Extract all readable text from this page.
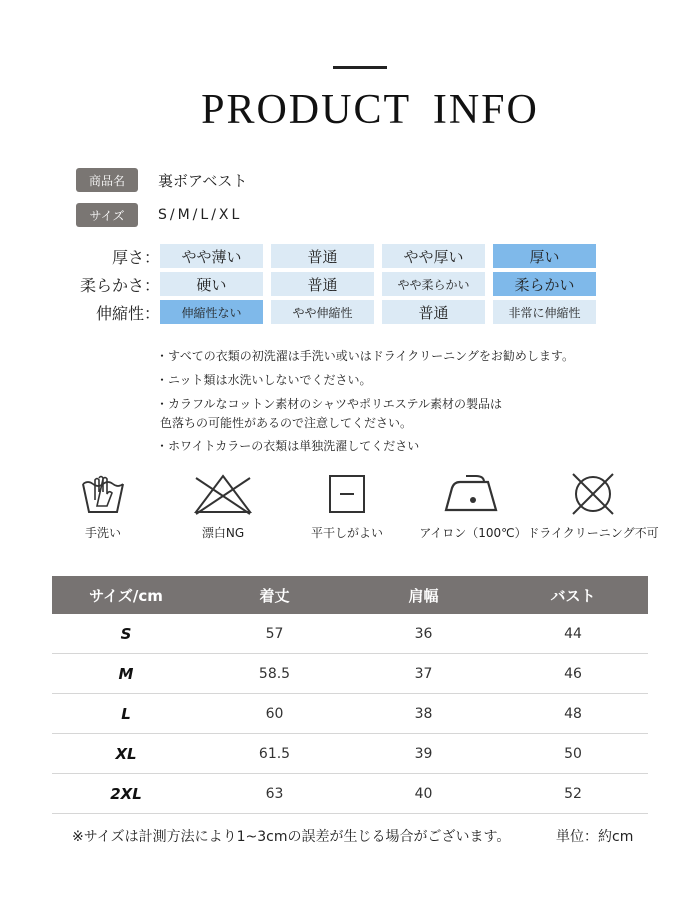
PRODUCT INFO
商品名	裏ボアベスト
サイズ	S/M/L/XL
厚さ：	やや薄い	普通	やや厚い	厚い
柔らかさ：	硬い	普通	やや柔らかい	柔らかい
伸縮性：	伸縮性ない	やや伸縮性	普通	非常に伸縮性
・すべての衣類の初洗濯は手洗い或いはドライクリーニングをお勧めします。
・ニット類は水洗いしないでください。
・カラフルなコットン素材のシャツやポリエステル素材の製品は
色落ちの可能性があるので注意してください。
・ホワイトカラーの衣類は単独洗濯してください
手洗い	漂白NG	平干しがよい	アイロン（100℃） ドライクリーニング不可
サイズ/cm	着丈	肩幅	バスト
S	57	36	44
M	58.5	37	46
L	60	38	48
XL	61.5	39	50
2XL	63	40	52
※サイズは計測方法により1~3cmの誤差が生じる場合がございます。	単位：約cm
